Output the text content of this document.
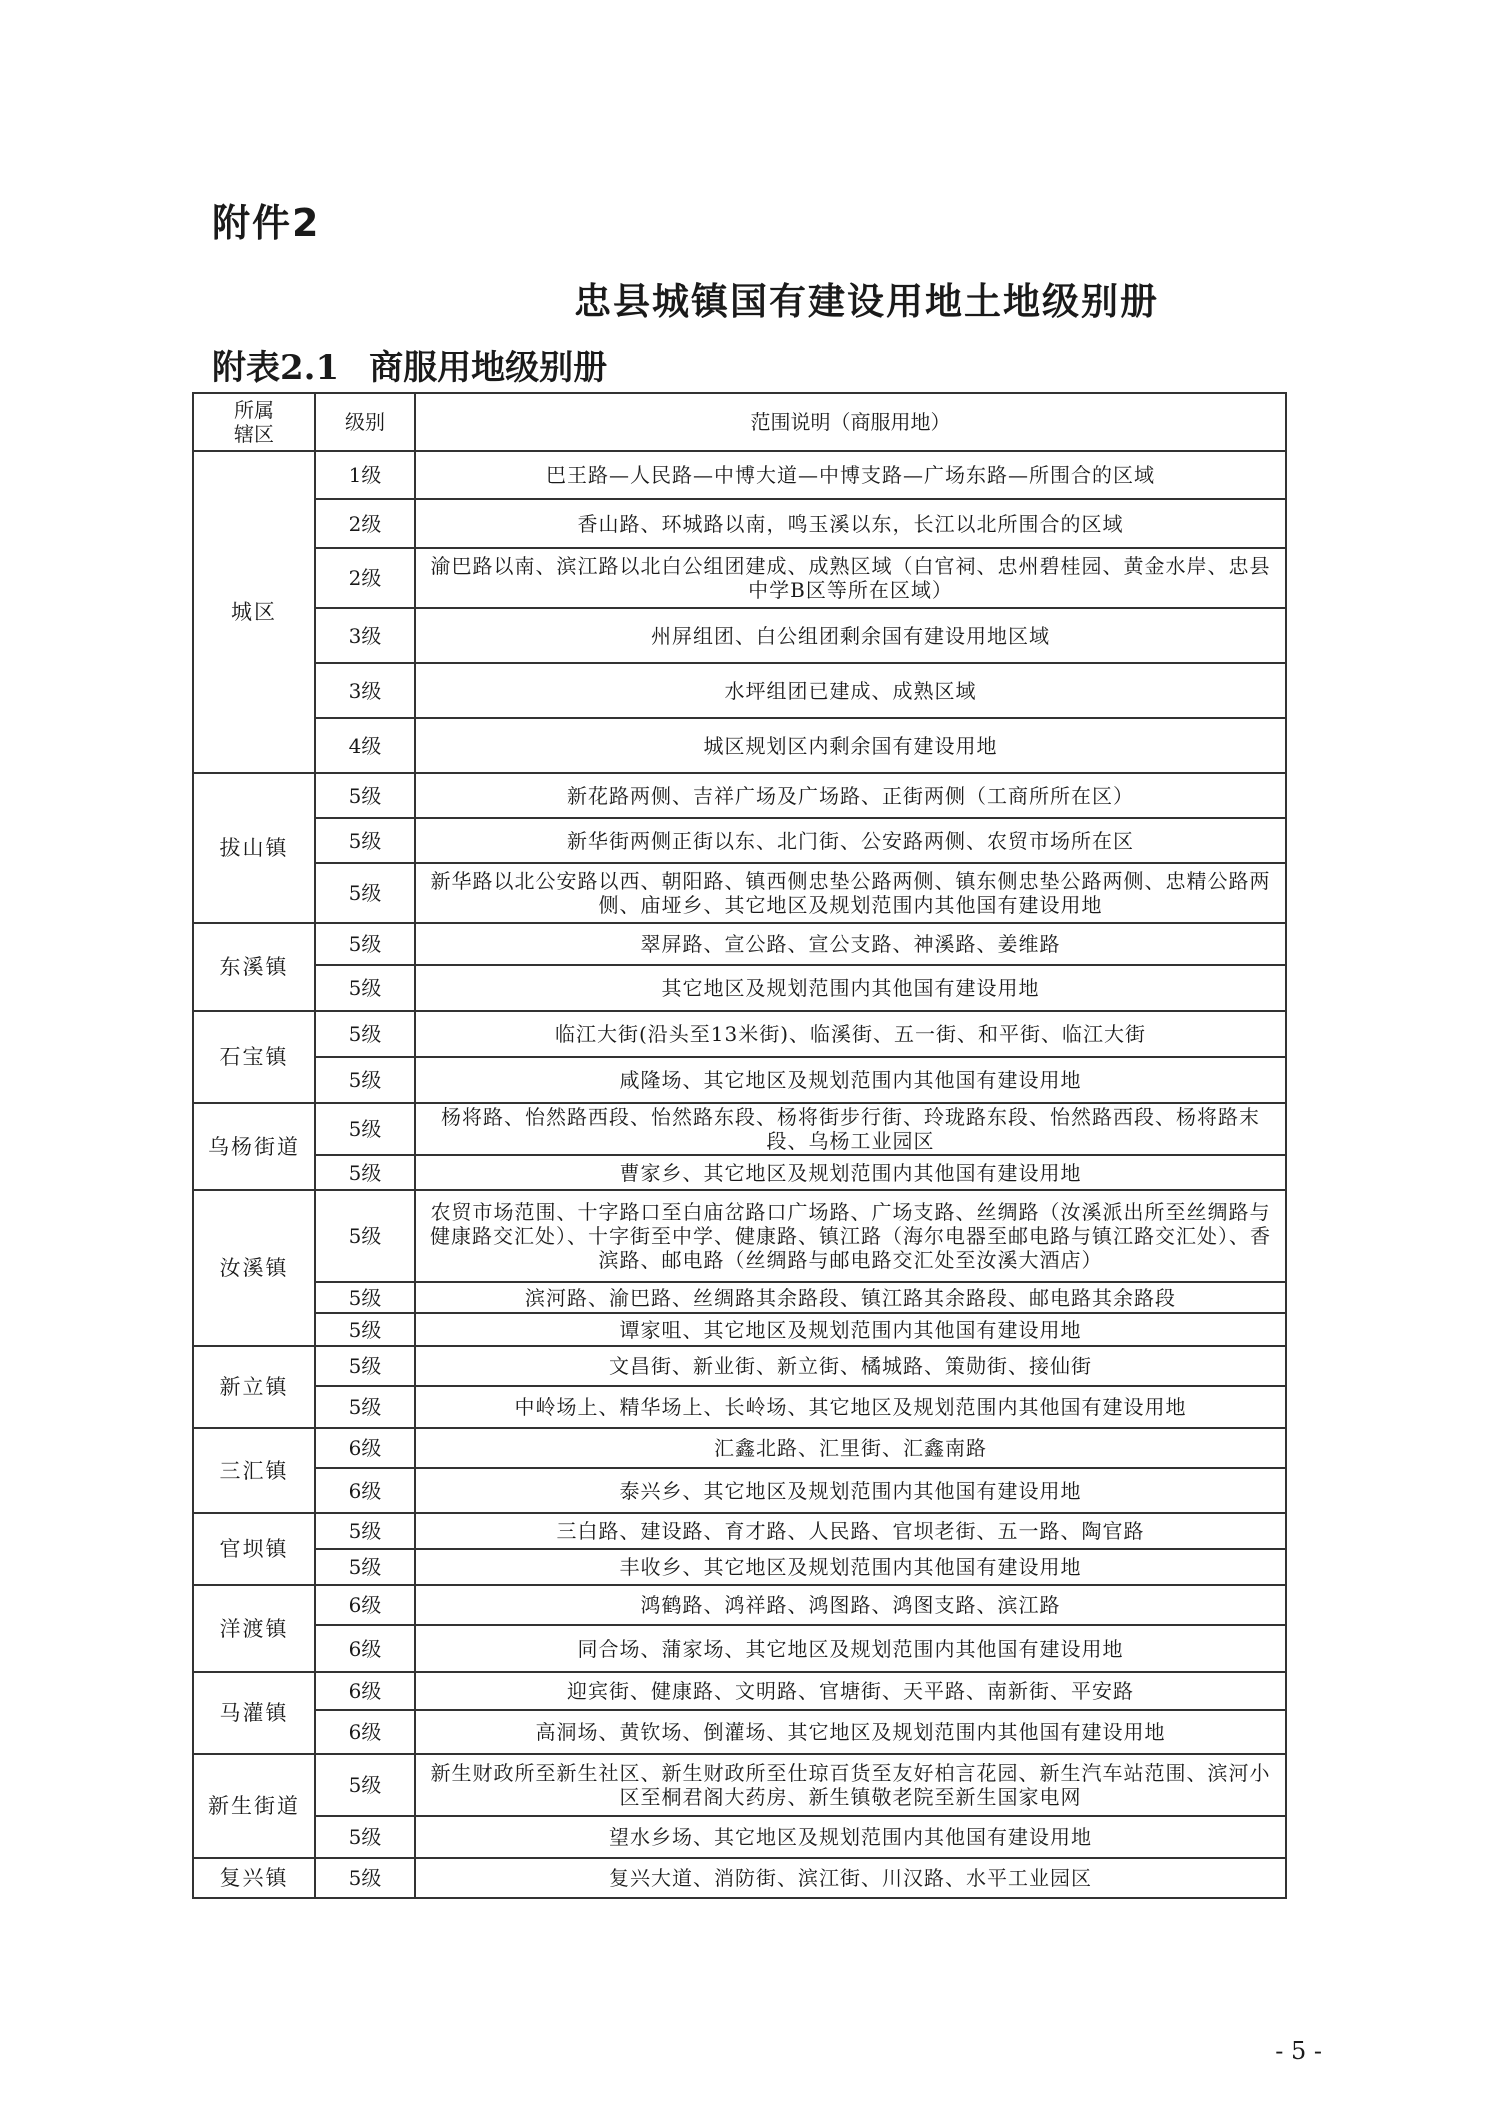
附件2
忠县城镇国有建设用地土地级别册
附表2.1 商服用地级别册
所属
辖区	级别	范围说明（商服用地）
城区	1级	巴王路—人民路—中博大道—中博支路—广场东路—所围合的区域
	2级	香山路、环城路以南，鸣玉溪以东，长江以北所围合的区域
	2级	渝巴路以南、滨江路以北白公组团建成、成熟区域（白官祠、忠州碧桂园、黄金水岸、忠县中学B区等所在区域）
	3级	州屏组团、白公组团剩余国有建设用地区域
	3级	水坪组团已建成、成熟区域
	4级	城区规划区内剩余国有建设用地
拔山镇	5级	新花路两侧、吉祥广场及广场路、正街两侧（工商所所在区）
	5级	新华街两侧正街以东、北门街、公安路两侧、农贸市场所在区
	5级	新华路以北公安路以西、朝阳路、镇西侧忠垫公路两侧、镇东侧忠垫公路两侧、忠精公路两侧、庙垭乡、其它地区及规划范围内其他国有建设用地
东溪镇	5级	翠屏路、宣公路、宣公支路、神溪路、姜维路
	5级	其它地区及规划范围内其他国有建设用地
石宝镇	5级	临江大街(沿头至13米街)、临溪街、五一街、和平街、临江大街
	5级	咸隆场、其它地区及规划范围内其他国有建设用地
乌杨街道	5级	杨将路、怡然路西段、怡然路东段、杨将街步行街、玲珑路东段、怡然路西段、杨将路末段、乌杨工业园区
	5级	曹家乡、其它地区及规划范围内其他国有建设用地
汝溪镇	5级	农贸市场范围、十字路口至白庙岔路口广场路、广场支路、丝绸路（汝溪派出所至丝绸路与健康路交汇处）、十字街至中学、健康路、镇江路（海尔电器至邮电路与镇江路交汇处）、香滨路、邮电路（丝绸路与邮电路交汇处至汝溪大酒店）
	5级	滨河路、渝巴路、丝绸路其余路段、镇江路其余路段、邮电路其余路段
	5级	谭家咀、其它地区及规划范围内其他国有建设用地
新立镇	5级	文昌街、新业街、新立街、橘城路、策勋街、接仙街
	5级	中岭场上、精华场上、长岭场、其它地区及规划范围内其他国有建设用地
三汇镇	6级	汇鑫北路、汇里街、汇鑫南路
	6级	泰兴乡、其它地区及规划范围内其他国有建设用地
官坝镇	5级	三白路、建设路、育才路、人民路、官坝老街、五一路、陶官路
	5级	丰收乡、其它地区及规划范围内其他国有建设用地
洋渡镇	6级	鸿鹤路、鸿祥路、鸿图路、鸿图支路、滨江路
	6级	同合场、蒲家场、其它地区及规划范围内其他国有建设用地
马灌镇	6级	迎宾街、健康路、文明路、官塘街、天平路、南新街、平安路
	6级	高洞场、黄钦场、倒灌场、其它地区及规划范围内其他国有建设用地
新生街道	5级	新生财政所至新生社区、新生财政所至仕琼百货至友好柏言花园、新生汽车站范围、滨河小区至桐君阁大药房、新生镇敬老院至新生国家电网
	5级	望水乡场、其它地区及规划范围内其他国有建设用地
复兴镇	5级	复兴大道、消防街、滨江街、川汉路、水平工业园区
- 5 -
